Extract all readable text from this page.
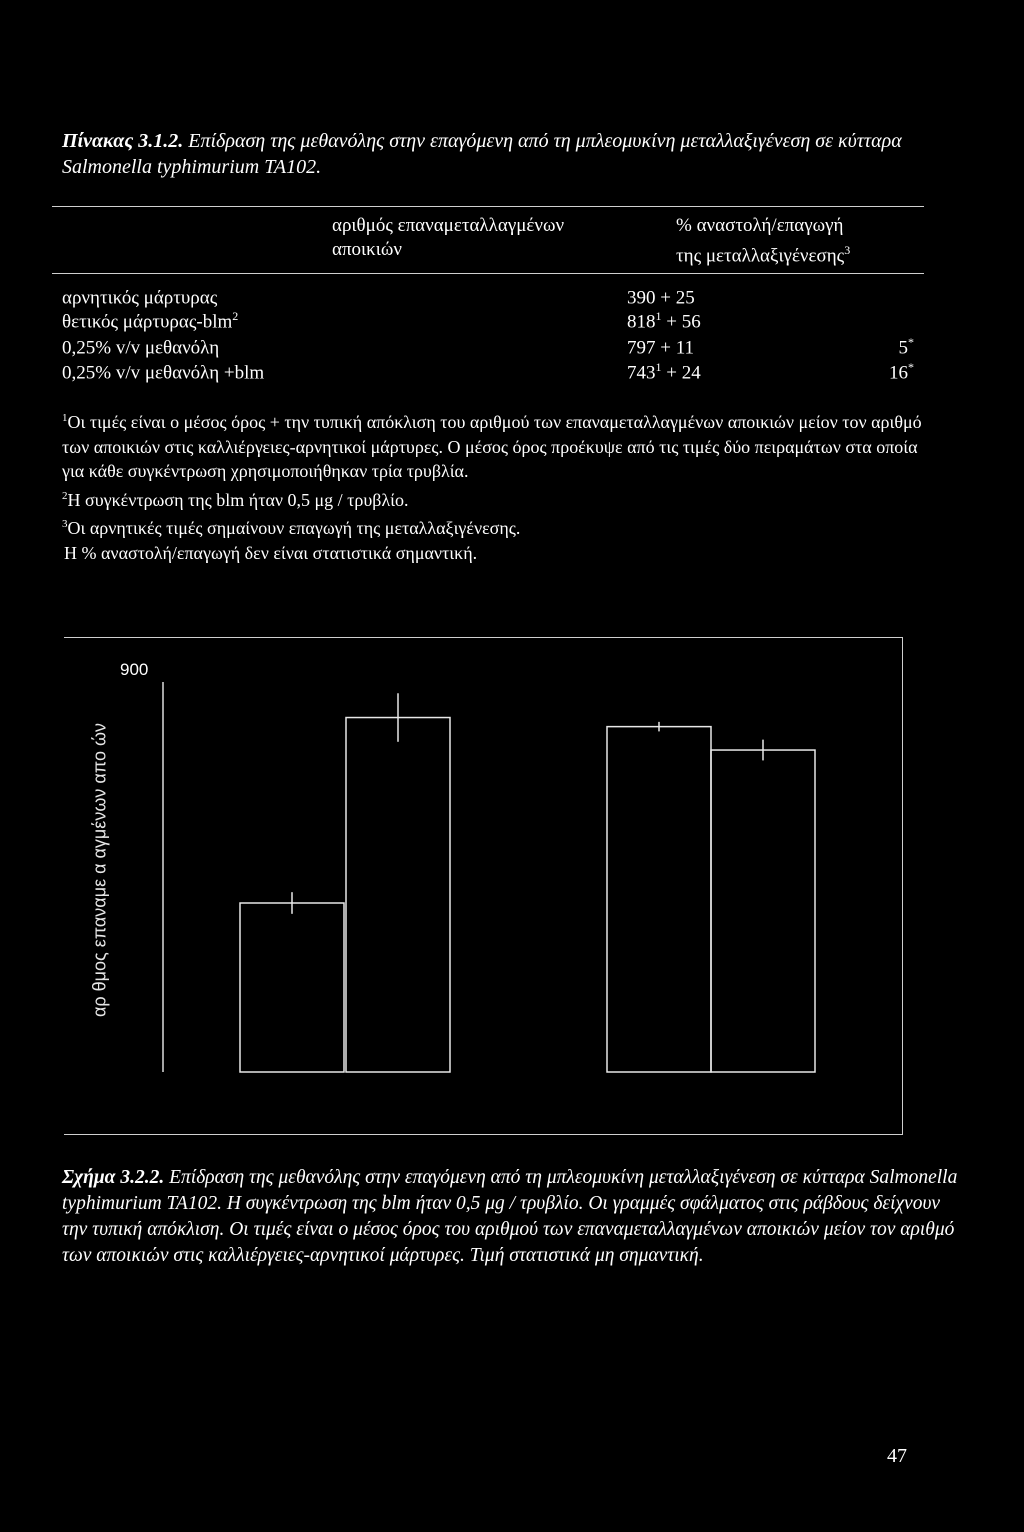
Πίνακας 3.1.2. Επίδραση της μεθανόλης στην επαγόμενη από τη μπλεομυκίνη μεταλλαξιγένεση σε κύτταρα Salmonella typhimurium TA102.
αριθμός επαναμεταλλαγμένων
αποικιών
% αναστολή/επαγωγή
της μεταλλαξιγένεσης$^3$
αρνητικός μάρτυρας	390 + 25
θετικός μάρτυρας-blm$^2$	$818^1 + 56$
0,25% v/v μεθανόλη	797 + 11	5*
0,25% v/v μεθανόλη +blm	$743^1 + 24$	16*

$^1$Οι τιμές είναι ο μέσος όρος + την τυπική απόκλιση του αριθμού των επαναμεταλλαγμένων αποικιών μείον τον αριθμό των αποικιών στις καλλιέργειες-αρνητικοί μάρτυρες. Ο μέσος όρος προέκυψε από τις τιμές δύο πειραμάτων στα οποία για κάθε συγκέντρωση χρησιμοποιήθηκαν τρία τρυβλία.

$^2$Η συγκέντρωση της blm ήταν 0,5 μg / τρυβλίο.

$^3$Οι αρνητικές τιμές σημαίνουν επαγωγή της μεταλλαξιγένεσης.

Η % αναστολή/επαγωγή δεν είναι στατιστικά σημαντική.

900
αρ θμος επαναμε α αγμένων απο ών
Σχήμα 3.2.2. Επίδραση της μεθανόλης στην επαγόμενη από τη μπλεομυκίνη μεταλλαξιγένεση σε κύτταρα Salmonella typhimurium TA102. Η συγκέντρωση της blm ήταν 0,5 μg / τρυβλίο. Οι γραμμές σφάλματος στις ράβδους δείχνουν την τυπική απόκλιση. Οι τιμές είναι ο μέσος όρος του αριθμού των επαναμεταλλαγμένων αποικιών μείον τον αριθμό των αποικιών στις καλλιέργειες-αρνητικοί μάρτυρες. Τιμή στατιστικά μη σημαντική.
47
